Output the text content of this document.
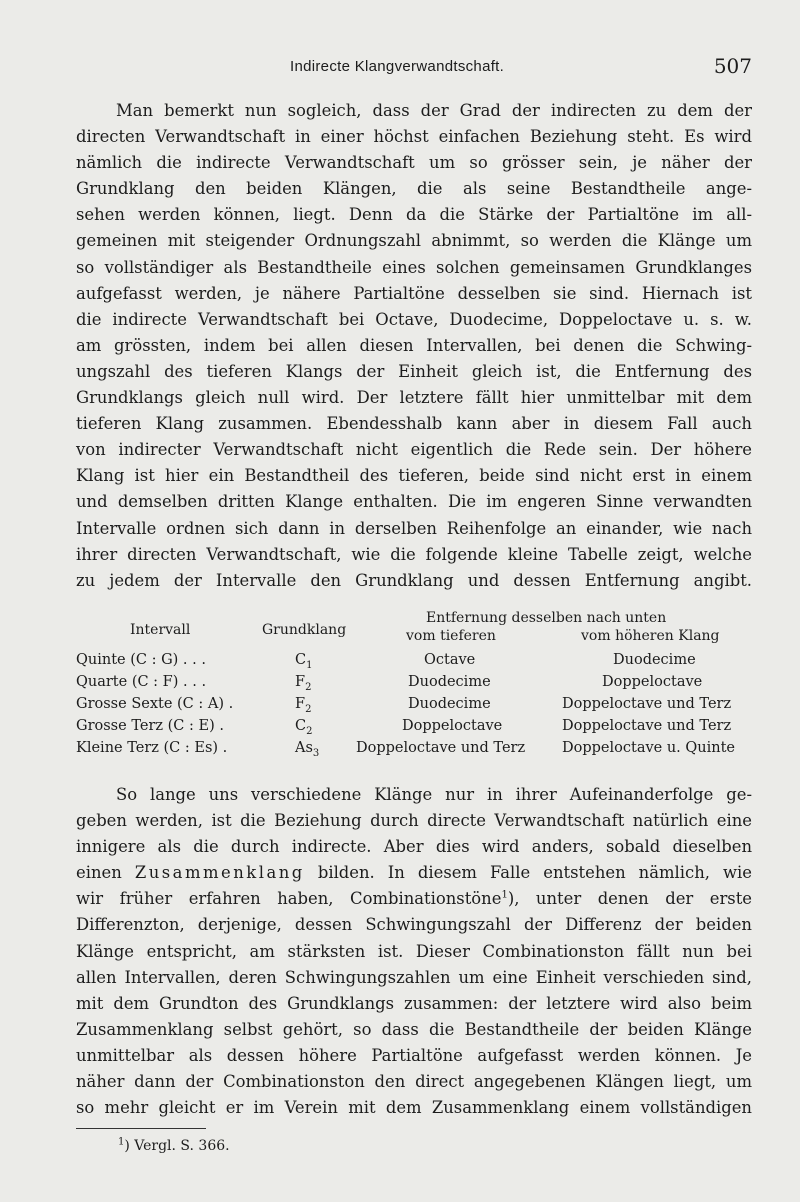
Indirecte Klangverwandtschaft.	507
Man bemerkt nun sogleich, dass der Grad der indirecten zu dem der
directen Verwandtschaft in einer höchst einfachen Beziehung steht. Es wird
nämlich die indirecte Verwandtschaft um so grösser sein, je näher der
Grundklang den beiden Klängen, die als seine Bestandtheile ange-
sehen werden können, liegt. Denn da die Stärke der Partialtöne im all-
gemeinen mit steigender Ordnungszahl abnimmt, so werden die Klänge um
so vollständiger als Bestandtheile eines solchen gemeinsamen Grundklanges
aufgefasst werden, je nähere Partialtöne desselben sie sind. Hiernach ist
die indirecte Verwandtschaft bei Octave, Duodecime, Doppeloctave u. s. w.
am grössten, indem bei allen diesen Intervallen, bei denen die Schwing-
ungszahl des tieferen Klangs der Einheit gleich ist, die Entfernung des
Grundklangs gleich null wird. Der letztere fällt hier unmittelbar mit dem
tieferen Klang zusammen. Ebendesshalb kann aber in diesem Fall auch
von indirecter Verwandtschaft nicht eigentlich die Rede sein. Der höhere
Klang ist hier ein Bestandtheil des tieferen, beide sind nicht erst in einem
und demselben dritten Klange enthalten. Die im engeren Sinne verwandten
Intervalle ordnen sich dann in derselben Reihenfolge an einander, wie nach
ihrer directen Verwandtschaft, wie die folgende kleine Tabelle zeigt, welche
zu jedem der Intervalle den Grundklang und dessen Entfernung angibt.
Intervall	Grundklang
Entfernung desselben nach unten
vom tieferen	vom höheren Klang
Quinte (C : G) . . .	$C_1$	Octave	Duodecime
Quarte (C : F) . . .	$F_2$	Duodecime	Doppeloctave
Grosse Sexte (C : A) .	$F_2$	Duodecime	Doppeloctave und Terz
Grosse Terz (C : E) .	$C_2$	Doppeloctave	Doppeloctave und Terz
Kleine Terz (C : Es) .	$As_3$	Doppeloctave und Terz	Doppeloctave u. Quinte
So lange uns verschiedene Klänge nur in ihrer Aufeinanderfolge ge-
geben werden, ist die Beziehung durch directe Verwandtschaft natürlich eine
innigere als die durch indirecte. Aber dies wird anders, sobald dieselben
einen Zusammenklang bilden. In diesem Falle entstehen nämlich, wie
wir früher erfahren haben, Combinationstöne$^1$), unter denen der erste
Differenzton, derjenige, dessen Schwingungszahl der Differenz der beiden
Klänge entspricht, am stärksten ist. Dieser Combinationston fällt nun bei
allen Intervallen, deren Schwingungszahlen um eine Einheit verschieden sind,
mit dem Grundton des Grundklangs zusammen: der letztere wird also beim
Zusammenklang selbst gehört, so dass die Bestandtheile der beiden Klänge
unmittelbar als dessen höhere Partialtöne aufgefasst werden können. Je
näher dann der Combinationston den direct angegebenen Klängen liegt, um
so mehr gleicht er im Verein mit dem Zusammenklang einem vollständigen
$^1$) Vergl. S. 366.
